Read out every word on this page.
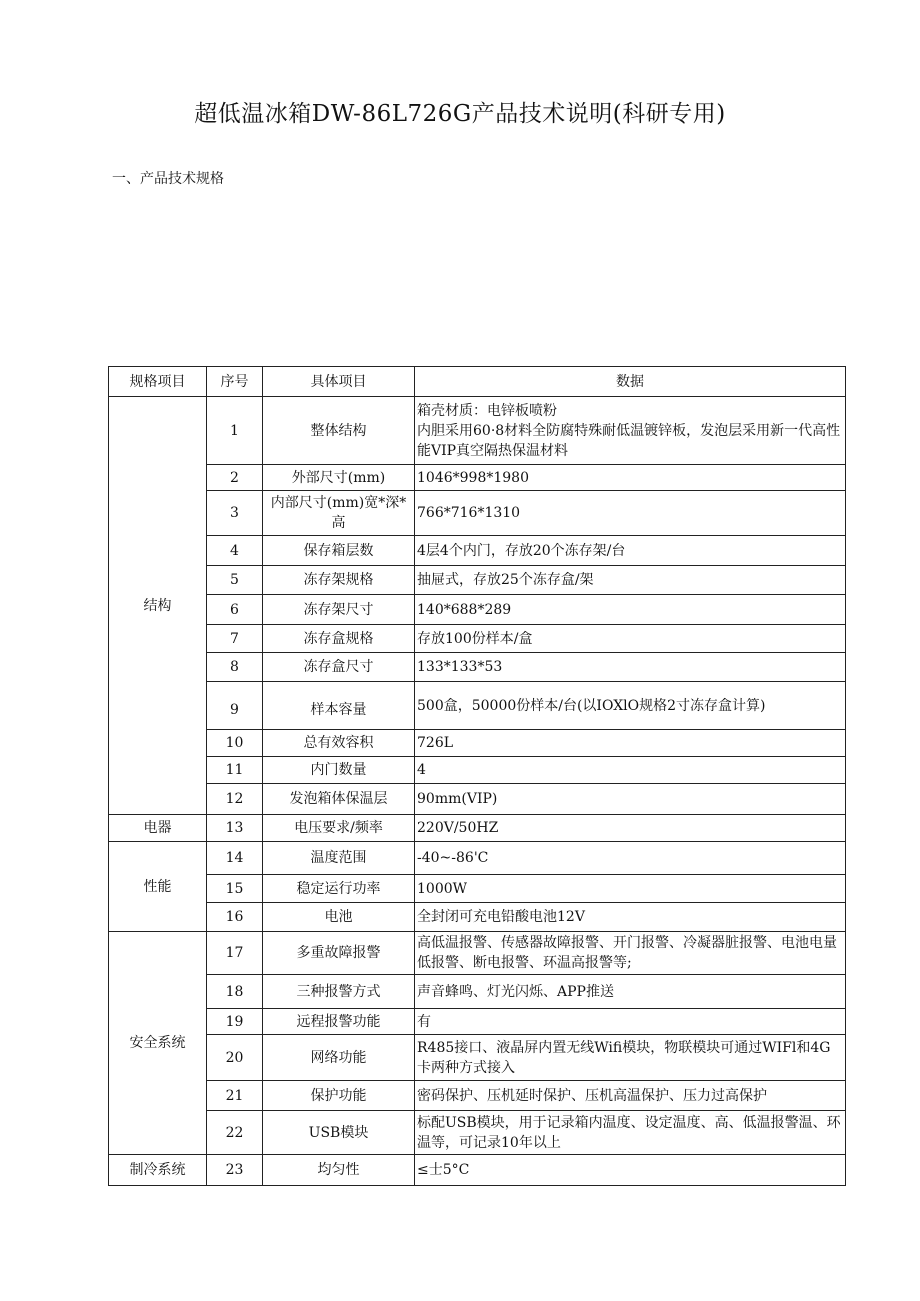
超低温冰箱DW-86L726G产品技术说明(科研专用)
一、产品技术规格
规格项目	序号	具体项目	数据
结构	1	整体结构	箱壳材质：电锌板喷粉
内胆采用60·8材料全防腐特殊耐低温镀锌板，发泡层采用新一代高性能VIP真空隔热保温材料
	2	外部尺寸(mm)	1046*998*1980
	3	内部尺寸(mm)宽*深*高	766*716*1310
	4	保存箱层数	4层4个内门，存放20个冻存架/台
	5	冻存架规格	抽屉式，存放25个冻存盒/架
	6	冻存架尺寸	140*688*289
	7	冻存盒规格	存放100份样本/盒
	8	冻存盒尺寸	133*133*53
	9	样本容量	500盒，50000份样本/台(以IOXlO规格2寸冻存盒计算)
	10	总有效容积	726L
	11	内门数量	4
	12	发泡箱体保温层	90mm(VIP)
电器	13	电压要求/频率	220V/50HZ
性能	14	温度范围	-40~-86'C
	15	稳定运行功率	1000W
	16	电池	全封闭可充电铅酸电池12V
安全系统	17	多重故障报警	高低温报警、传感器故障报警、开门报警、冷凝器脏报警、电池电量低报警、断电报警、环温高报警等;
	18	三种报警方式	声音蜂鸣、灯光闪烁、APP推送
	19	远程报警功能	有
	20	网络功能	R485接口、液晶屏内置无线Wifi模块，物联模块可通过WIFl和4G卡两种方式接入
	21	保护功能	密码保护、压机延时保护、压机高温保护、压力过高保护
	22	USB模块	标配USB模块，用于记录箱内温度、设定温度、高、低温报警温、环温等，可记录10年以上
制冷系统	23	均匀性	≤士5°C
